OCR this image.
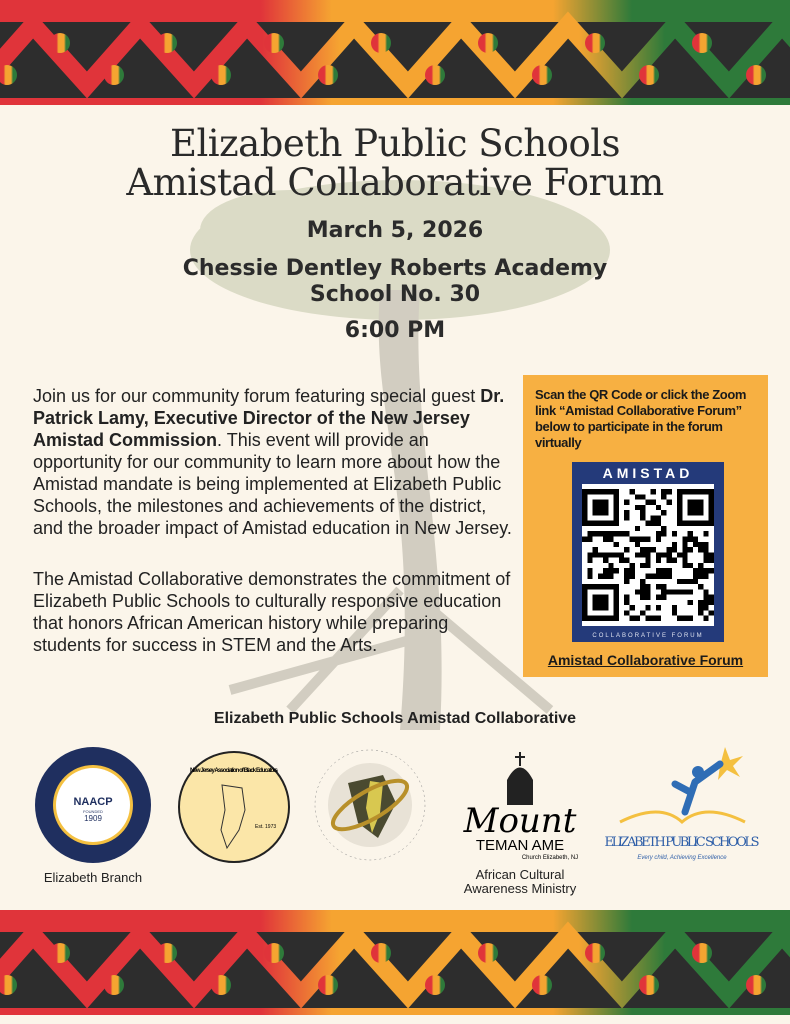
Elizabeth Public Schools
Amistad Collaborative Forum
March 5, 2026
Chessie Dentley Roberts Academy
School No. 30
6:00 PM
Join us for our community forum featuring special guest Dr. Patrick Lamy, Executive Director of the New Jersey Amistad Commission. This event will provide an opportunity for our community to learn more about how the Amistad mandate is being implemented at Elizabeth Public Schools, the milestones and achievements of the district, and the broader impact of Amistad education in New Jersey.
The Amistad Collaborative demonstrates the commitment of Elizabeth Public Schools to culturally responsive education that honors African American history while preparing students for success in STEM and the Arts.
Scan the QR Code or click the Zoom link “Amistad Collaborative Forum” below to participate in the forum virtually
AMISTAD
COLLABORATIVE FORUM
Amistad Collaborative Forum
Elizabeth Public Schools Amistad Collaborative
NAACP
FOUNDED
1909
Elizabeth Branch
New Jersey Association of Black Educators
Est. 1973	Mount
TEMAN AME
Church Elizabeth, NJ
African Cultural Awareness Ministry
ELIZABETH PUBLIC SCHOOLS
Every child, Achieving Excellence
